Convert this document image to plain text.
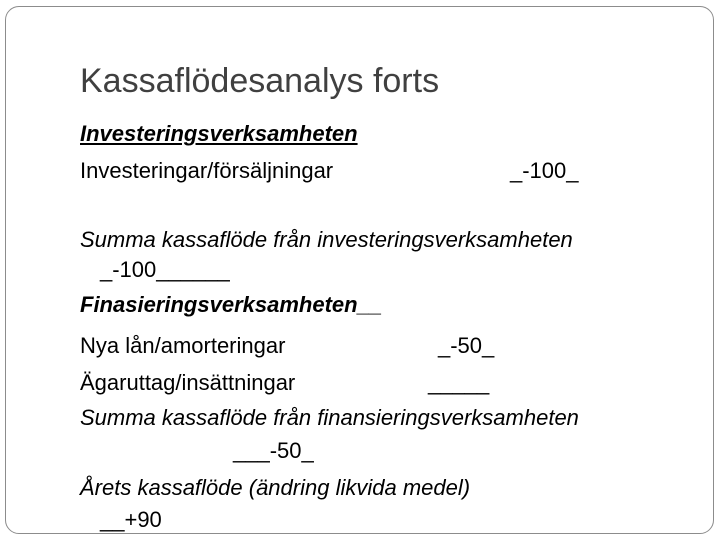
Kassaflödesanalys forts
Investeringsverksamheten
Investeringar/försäljningar	_-100_
Summa kassaflöde från investeringsverksamheten
_-100______
Finasieringsverksamheten__
Nya lån/amorteringar	_-50_
Ägaruttag/insättningar	_____
Summa kassaflöde från finansieringsverksamheten
___-50_
Årets kassaflöde (ändring likvida medel)
__+90
